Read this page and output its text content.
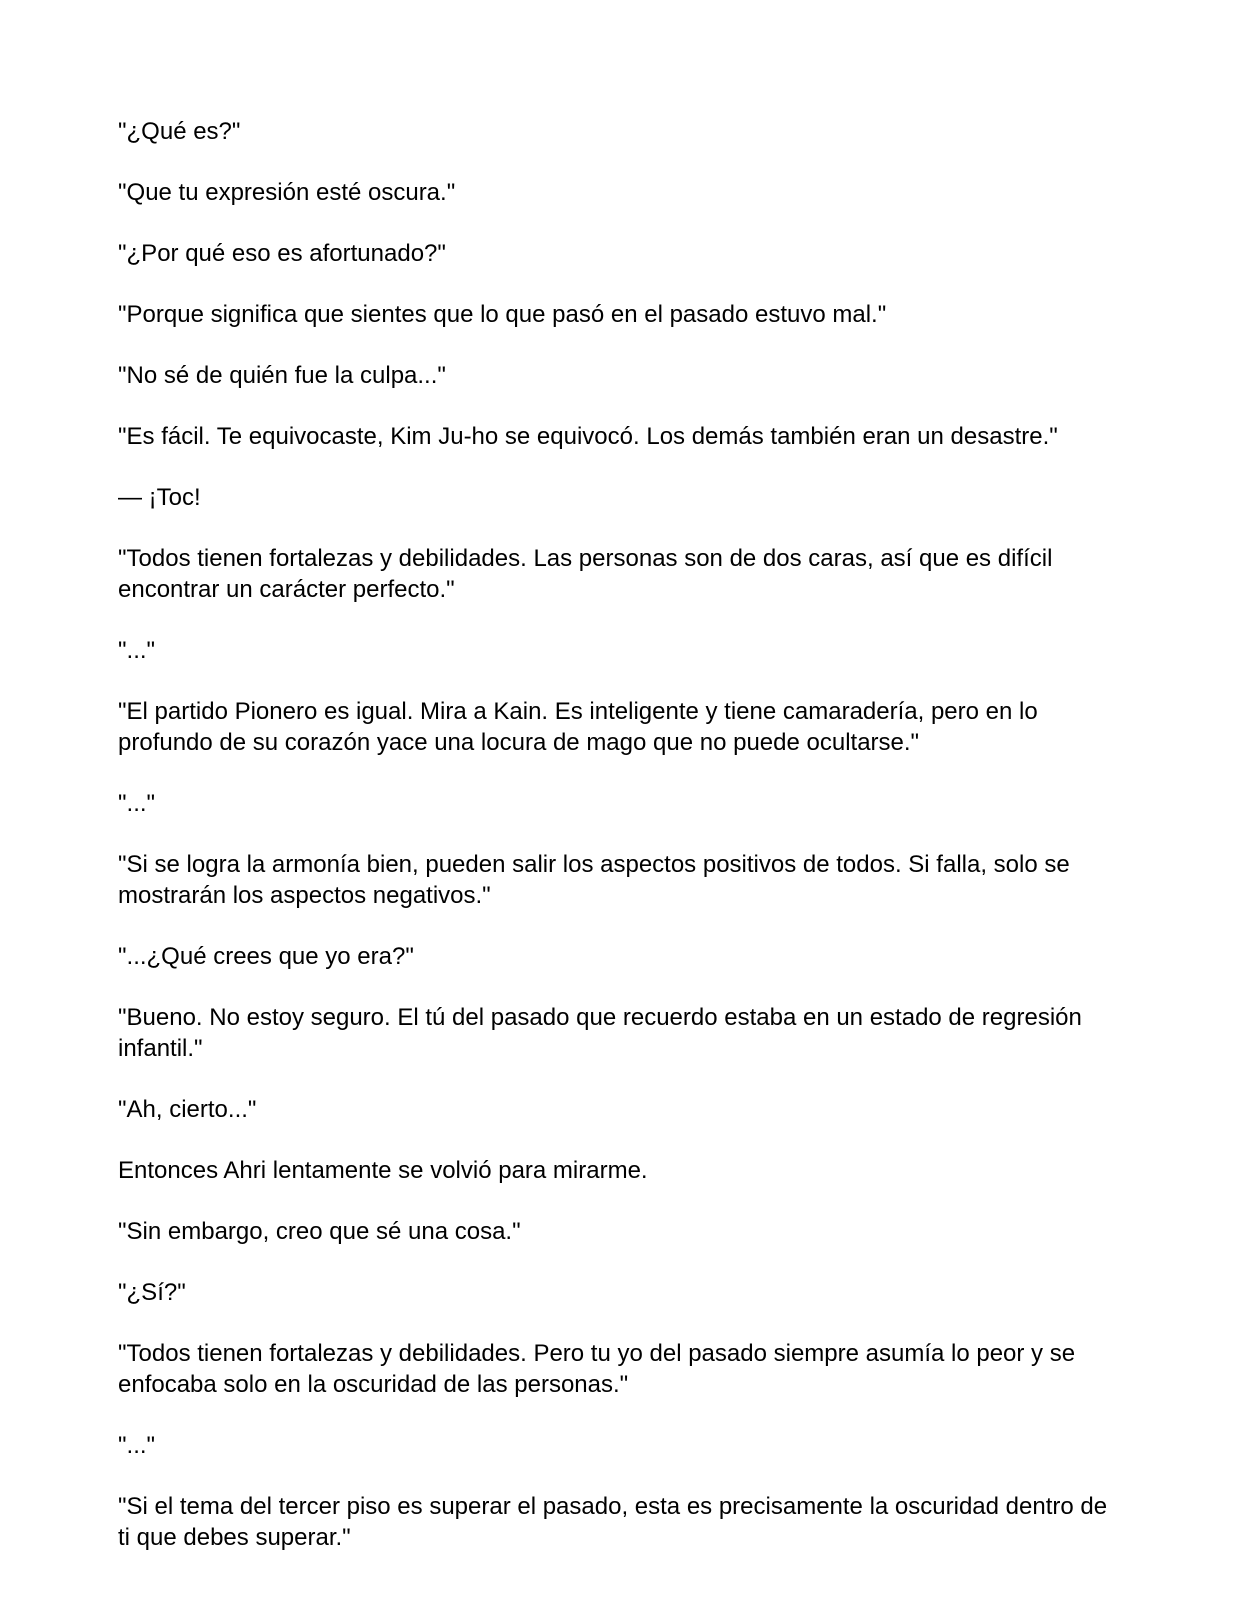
"¿Qué es?"

"Que tu expresión esté oscura."

"¿Por qué eso es afortunado?"

"Porque significa que sientes que lo que pasó en el pasado estuvo mal."

"No sé de quién fue la culpa..."

"Es fácil. Te equivocaste, Kim Ju-ho se equivocó. Los demás también eran un desastre."

— ¡Toc!

"Todos tienen fortalezas y debilidades. Las personas son de dos caras, así que es difícil encontrar un carácter perfecto."

"..."

"El partido Pionero es igual. Mira a Kain. Es inteligente y tiene camaradería, pero en lo profundo de su corazón yace una locura de mago que no puede ocultarse."

"..."

"Si se logra la armonía bien, pueden salir los aspectos positivos de todos. Si falla, solo se mostrarán los aspectos negativos."

"...¿Qué crees que yo era?"

"Bueno. No estoy seguro. El tú del pasado que recuerdo estaba en un estado de regresión infantil."

"Ah, cierto..."

Entonces Ahri lentamente se volvió para mirarme.

"Sin embargo, creo que sé una cosa."

"¿Sí?"

"Todos tienen fortalezas y debilidades. Pero tu yo del pasado siempre asumía lo peor y se enfocaba solo en la oscuridad de las personas."

"..."

"Si el tema del tercer piso es superar el pasado, esta es precisamente la oscuridad dentro de ti que debes superar."
